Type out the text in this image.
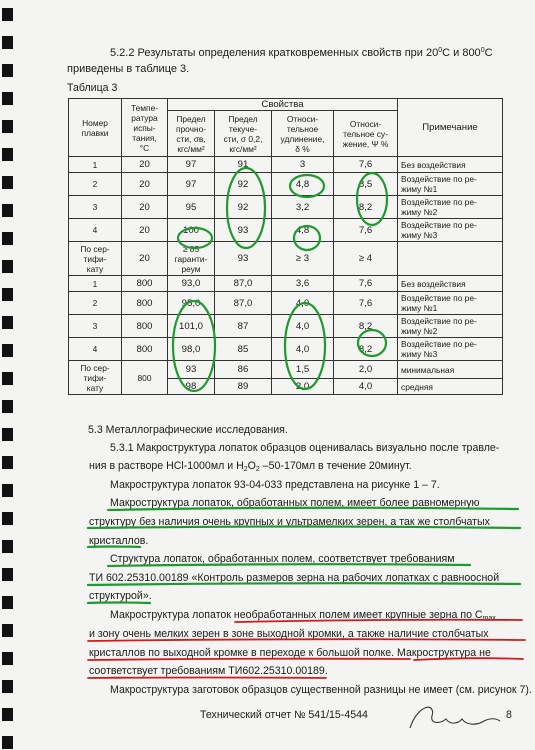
5.2.2 Результаты определения кратковременных свойств при $20^0С$ и $800^0С$
приведены в таблице 3.
Таблица 3
Номер
плавки	Темпе-
ратура
испы-
тания,
°С	Свойства				Примечание
		Предел
прочно-
сти, σв,
кгс/мм²	Предел
текуче-
сти, σ 0,2,
кгс/мм²	Относи-
тельное
удлинение,
δ %	Относи-
тельное су-
жение, Ψ %	
1	20	97	91	3	7,6	Без воздействия
2	20	97	92	4,8	8,5	Воздействие по ре-
жиму №1
3	20	95	92	3,2	8,2	Воздействие по ре-
жиму №2
4	20	100	93	4,8	7,6	Воздействие по ре-
жиму №3
По сер-
тифи-
кату	20	≥ 85
гаранти-
реум	93	≥ 3	≥ 4	
1	800	93,0	87,0	3,6	7,6	Без воздействия
2	800	95,0	87,0	4,0	7,6	Воздействие по ре-
жиму №1
3	800	101,0	87	4,0	8,2	Воздействие по ре-
жиму №2
4	800	98,0	85	4,0	8,2	Воздействие по ре-
жиму №3
По сер-
тифи-
кату	800	93	86	1,5	2,0	минимальная
		98	89	2,0	4,0	средняя
5.3 Металлографические исследования.
5.3.1 Макроструктура лопаток образцов оценивалась визуально после травле-
ния в растворе НCl-1000мл и $H_2O_2$ –50-170мл в течение 20минут.
Макроструктура лопаток 93-04-033 представлена на рисунке 1 – 7.
Макроструктура лопаток, обработанных полем, имеет более равномерную
структуру без наличия очень крупных и ультрамелких зерен, а так же столбчатых
кристаллов.
Структура лопаток, обработанных полем, соответствует требованиям
ТИ 602.25310.00189 «Контроль размеров зерна на рабочих лопатках с равноосной
структурой».
Макроструктура лопаток необработанных полем имеет крупные зерна по $С_{max}$
и зону очень мелких зерен в зоне выходной кромки, а также наличие столбчатых
кристаллов по выходной кромке в переходе к большой полке. Макроструктура не
соответствует требованиям ТИ602.25310.00189.
Макроструктура заготовок образцов существенной разницы не имеет (см. рисунок 7).
Технический отчет № 541/15-4544	8
